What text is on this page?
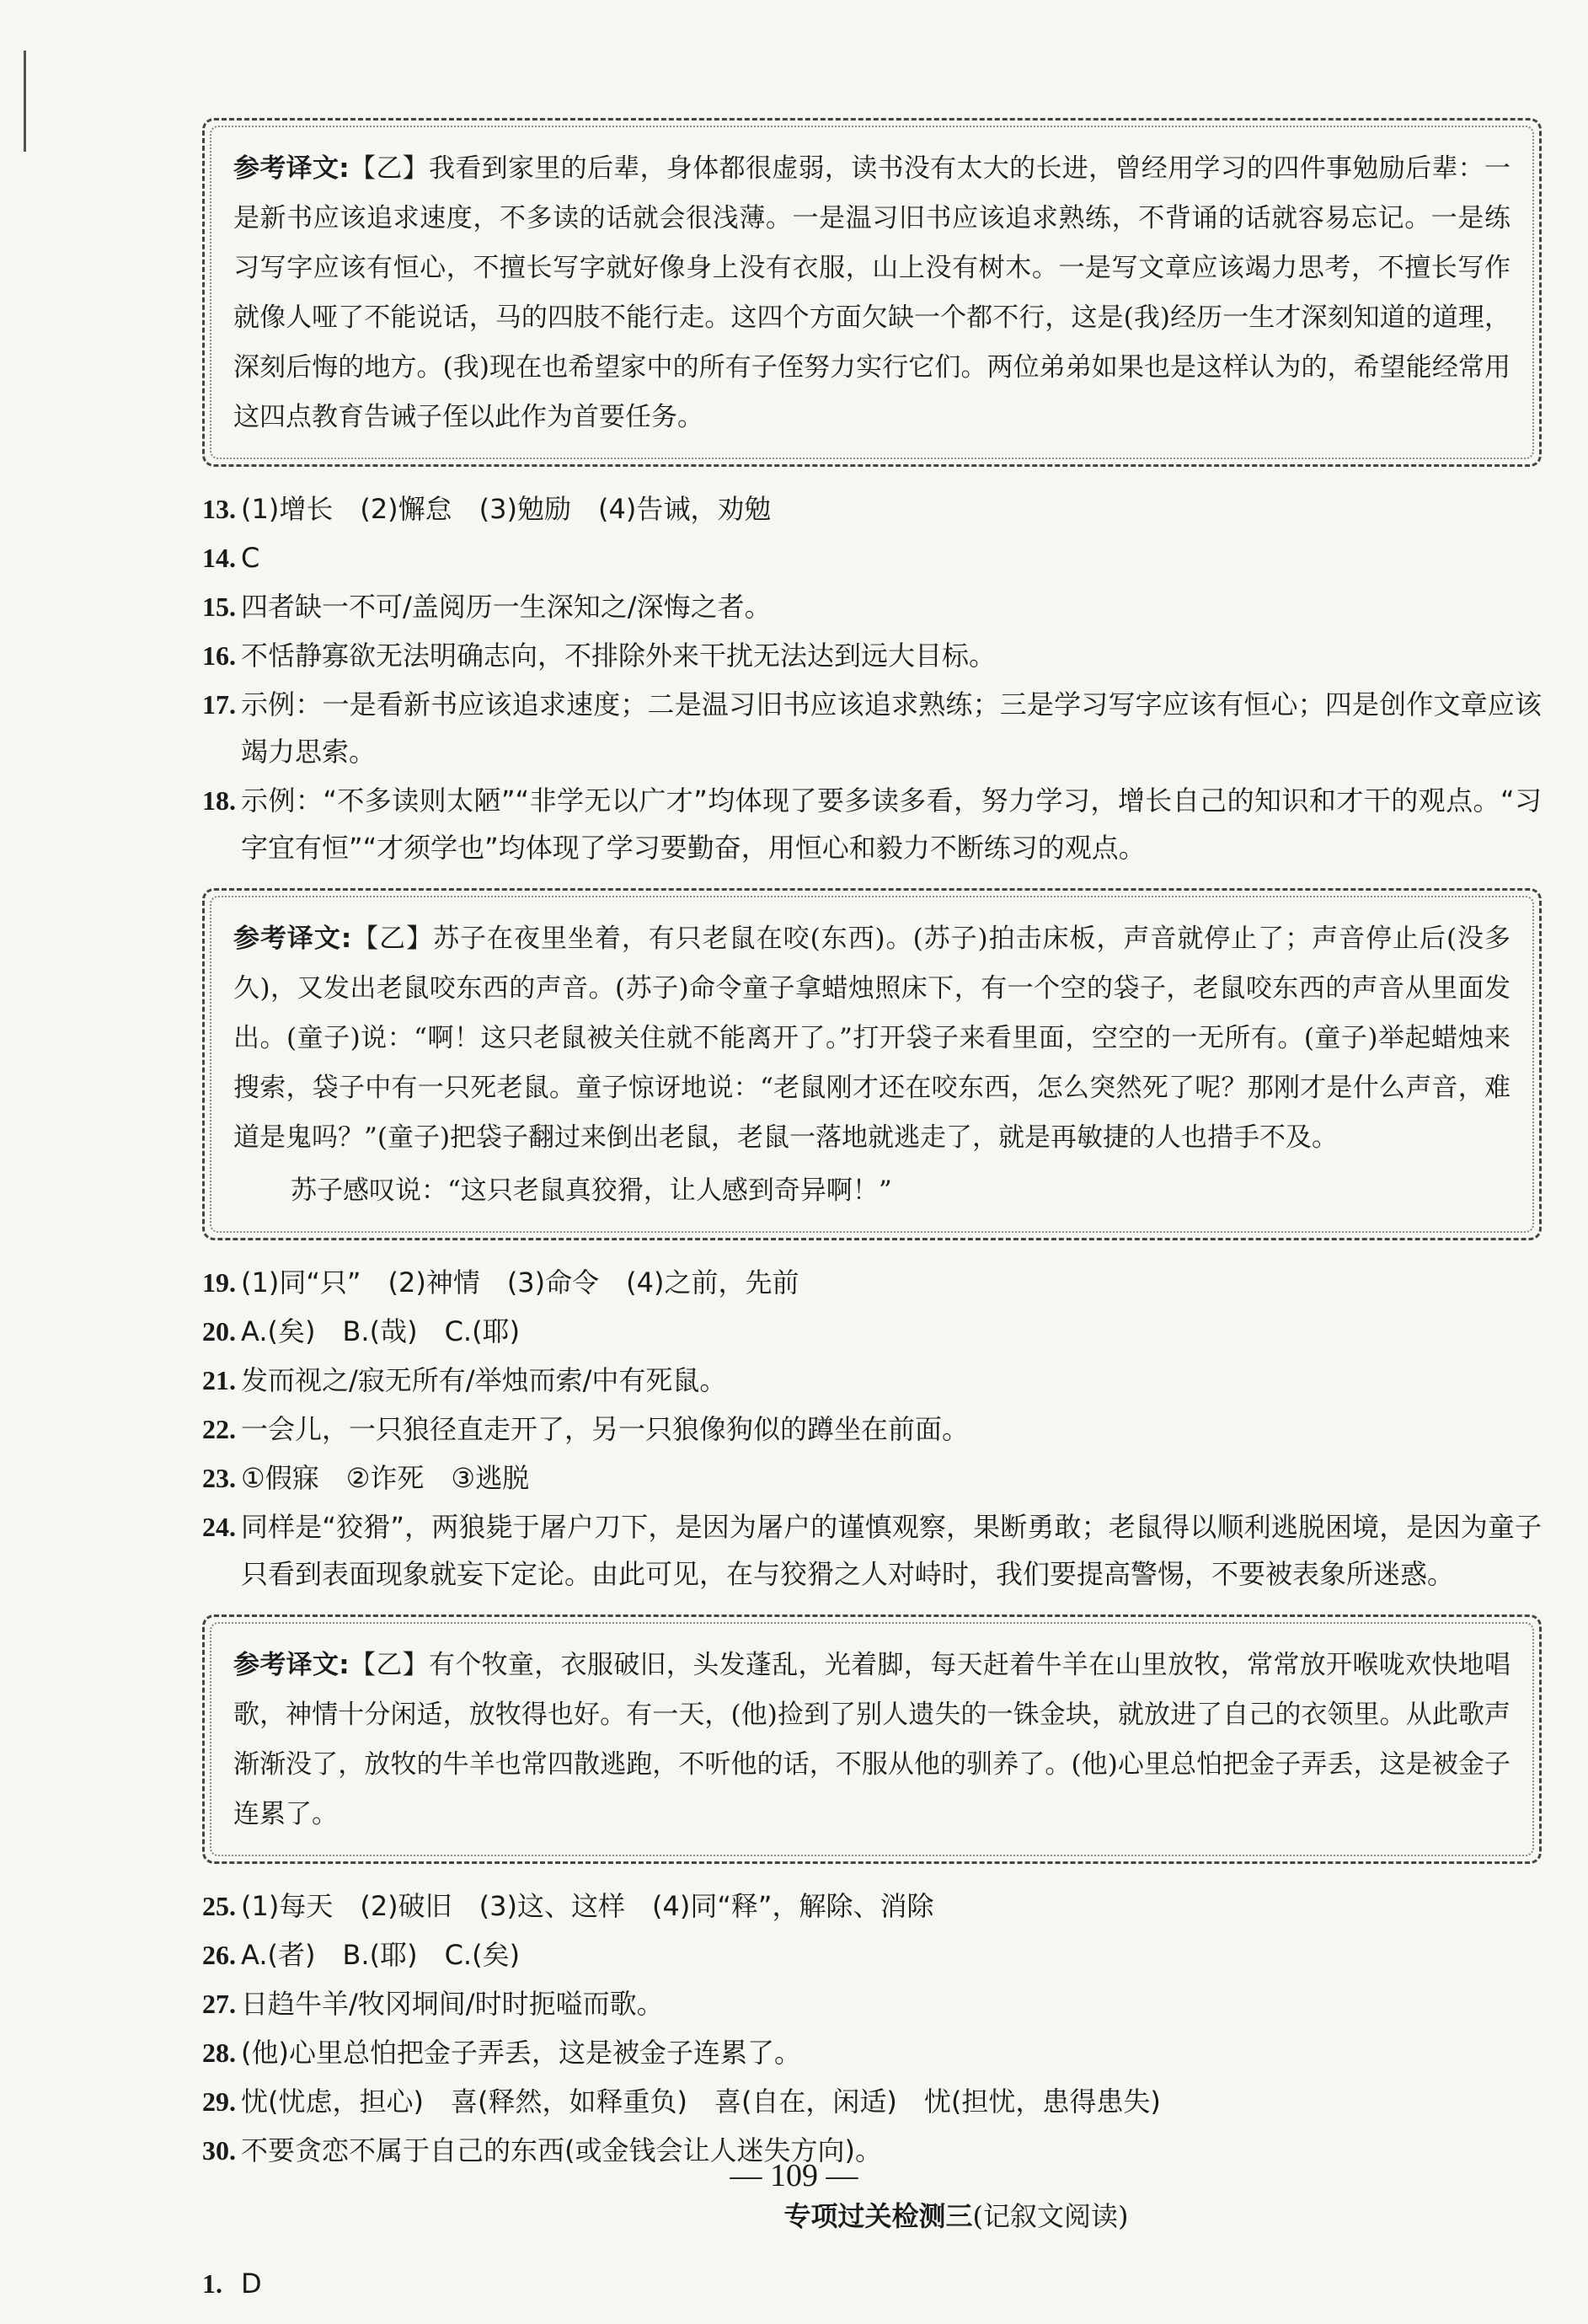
参考译文:【乙】我看到家里的后辈，身体都很虚弱，读书没有太大的长进，曾经用学习的四件事勉励后辈：一是新书应该追求速度，不多读的话就会很浅薄。一是温习旧书应该追求熟练，不背诵的话就容易忘记。一是练习写字应该有恒心，不擅长写字就好像身上没有衣服，山上没有树木。一是写文章应该竭力思考，不擅长写作就像人哑了不能说话，马的四肢不能行走。这四个方面欠缺一个都不行，这是(我)经历一生才深刻知道的道理，深刻后悔的地方。(我)现在也希望家中的所有子侄努力实行它们。两位弟弟如果也是这样认为的，希望能经常用这四点教育告诫子侄以此作为首要任务。
13. (1)增长　(2)懈怠　(3)勉励　(4)告诫，劝勉
14. C
15. 四者缺一不可/盖阅历一生深知之/深悔之者。
16. 不恬静寡欲无法明确志向，不排除外来干扰无法达到远大目标。
17. 示例：一是看新书应该追求速度；二是温习旧书应该追求熟练；三是学习写字应该有恒心；四是创作文章应该竭力思索。
18. 示例：“不多读则太陋”“非学无以广才”均体现了要多读多看，努力学习，增长自己的知识和才干的观点。“习字宜有恒”“才须学也”均体现了学习要勤奋，用恒心和毅力不断练习的观点。
参考译文:【乙】苏子在夜里坐着，有只老鼠在咬(东西)。(苏子)拍击床板，声音就停止了；声音停止后(没多久)，又发出老鼠咬东西的声音。(苏子)命令童子拿蜡烛照床下，有一个空的袋子，老鼠咬东西的声音从里面发出。(童子)说：“啊！这只老鼠被关住就不能离开了。”打开袋子来看里面，空空的一无所有。(童子)举起蜡烛来搜索，袋子中有一只死老鼠。童子惊讶地说：“老鼠刚才还在咬东西，怎么突然死了呢？那刚才是什么声音，难道是鬼吗？”(童子)把袋子翻过来倒出老鼠，老鼠一落地就逃走了，就是再敏捷的人也措手不及。
苏子感叹说：“这只老鼠真狡猾，让人感到奇异啊！”
19. (1)同“只”　(2)神情　(3)命令　(4)之前，先前
20. A.(矣)　B.(哉)　C.(耶)
21. 发而视之/寂无所有/举烛而索/中有死鼠。
22. 一会儿，一只狼径直走开了，另一只狼像狗似的蹲坐在前面。
23. ①假寐　②诈死　③逃脱
24. 同样是“狡猾”，两狼毙于屠户刀下，是因为屠户的谨慎观察，果断勇敢；老鼠得以顺利逃脱困境，是因为童子只看到表面现象就妄下定论。由此可见，在与狡猾之人对峙时，我们要提高警惕，不要被表象所迷惑。
参考译文:【乙】有个牧童，衣服破旧，头发蓬乱，光着脚，每天赶着牛羊在山里放牧，常常放开喉咙欢快地唱歌，神情十分闲适，放牧得也好。有一天，(他)捡到了别人遗失的一铢金块，就放进了自己的衣领里。从此歌声渐渐没了，放牧的牛羊也常四散逃跑，不听他的话，不服从他的驯养了。(他)心里总怕把金子弄丢，这是被金子连累了。
25. (1)每天　(2)破旧　(3)这、这样　(4)同“释”，解除、消除
26. A.(者)　B.(耶)　C.(矣)
27. 日趋牛羊/牧冈垌间/时时扼嗌而歌。
28. (他)心里总怕把金子弄丢，这是被金子连累了。
29. 忧(忧虑，担心)　喜(释然，如释重负)　喜(自在，闲适)　忧(担忧，患得患失)
30. 不要贪恋不属于自己的东西(或金钱会让人迷失方向)。
专项过关检测三(记叙文阅读)
1. D
— 109 —
